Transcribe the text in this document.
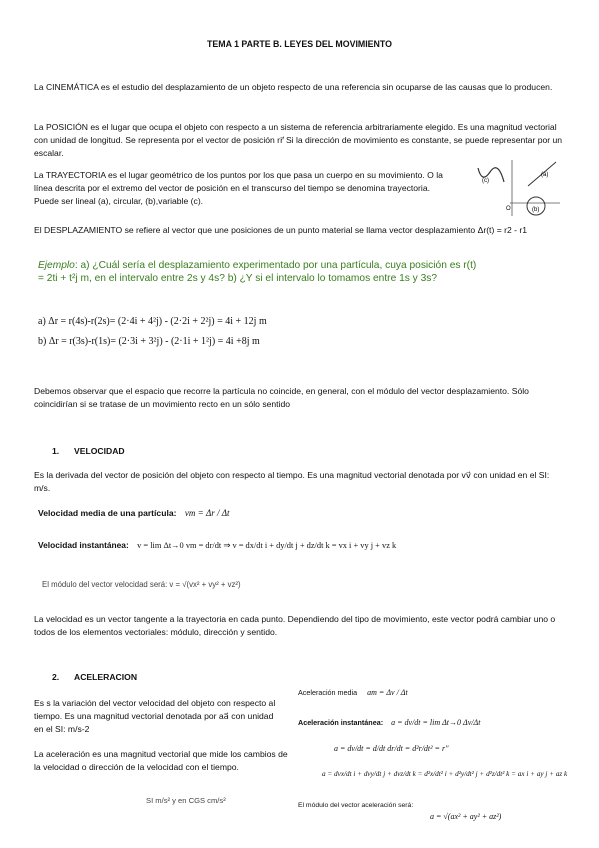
TEMA 1 PARTE B. LEYES DEL MOVIMIENTO
La CINEMÁTICA es el estudio del desplazamiento de un objeto respecto de una referencia sin ocuparse de las causas que lo producen.
La POSICIÓN es el lugar que ocupa el objeto con respecto a un sistema de referencia arbitrariamente elegido. Es una magnitud vectorial con unidad de longitud. Se representa por el vector de posición rr⃗ Si la dirección de movimiento es constante, se puede representar por un escalar.
La TRAYECTORIA es el lugar geométrico de los puntos por los que pasa un cuerpo en su movimiento. O la línea descrita por el extremo del vector de posición en el transcurso del tiempo se denomina trayectoria. Puede ser lineal (a), circular, (b),variable (c).
(c)
(a)
(b)
O
El DESPLAZAMIENTO se refiere al vector que une posiciones de un punto material se llama vector desplazamiento Δr(t) = r2 - r1
Ejemplo: a) ¿Cuál sería el desplazamiento experimentado por una partícula, cuya posición es r(t) = 2ti + t²j m, en el intervalo entre 2s y 4s? b) ¿Y si el intervalo lo tomamos entre 1s y 3s?
a) Δr = r(4s)-r(2s)= (2·4i + 4²j) - (2·2i + 2²j) = 4i + 12j m
b) Δr = r(3s)-r(1s)= (2·3i + 3²j) - (2·1i + 1²j) = 4i +8j m
Debemos observar que el espacio que recorre la partícula no coincide, en general, con el módulo del vector desplazamiento. Sólo coincidirían si se tratase de un movimiento recto en un sólo sentido
1. VELOCIDAD
Es la derivada del vector de posición del objeto con respecto al tiempo. Es una magnitud vectorial denotada por vv⃗ con unidad en el SI: m/s.
Velocidad media de una partícula: vm = Δr / Δt
Velocidad instantánea: v = lim Δt→0 vm = dr/dt ⇒ v = dx/dt i + dy/dt j + dz/dt k = vx i + vy j + vz k
El módulo del vector velocidad será: v = √(vx² + vy² + vz²)
La velocidad es un vector tangente a la trayectoria en cada punto. Dependiendo del tipo de movimiento, este vector podrá cambiar uno o todos de los elementos vectoriales: módulo, dirección y sentido.
2. ACELERACION
Es s la variación del vector velocidad del objeto con respecto al tiempo. Es una magnitud vectorial denotada por aa⃗ con unidad en el SI: m/s-2
La aceleración es una magnitud vectorial que mide los cambios de la velocidad o dirección de la velocidad con el tiempo.
SI m/s² y en CGS cm/s²
Aceleración media am = Δv / Δt
Aceleración instantánea: a = dv/dt = lim Δt→0 Δv/Δt
a = dv/dt = d/dt dr/dt = d²r/dt² = r''
a = dvx/dt i + dvy/dt j + dvz/dt k = d²x/dt² i + d²y/dt² j + d²z/dt² k = ax i + ay j + az k
El módulo del vector aceleración será:
a = √(ax² + ay² + az²)
